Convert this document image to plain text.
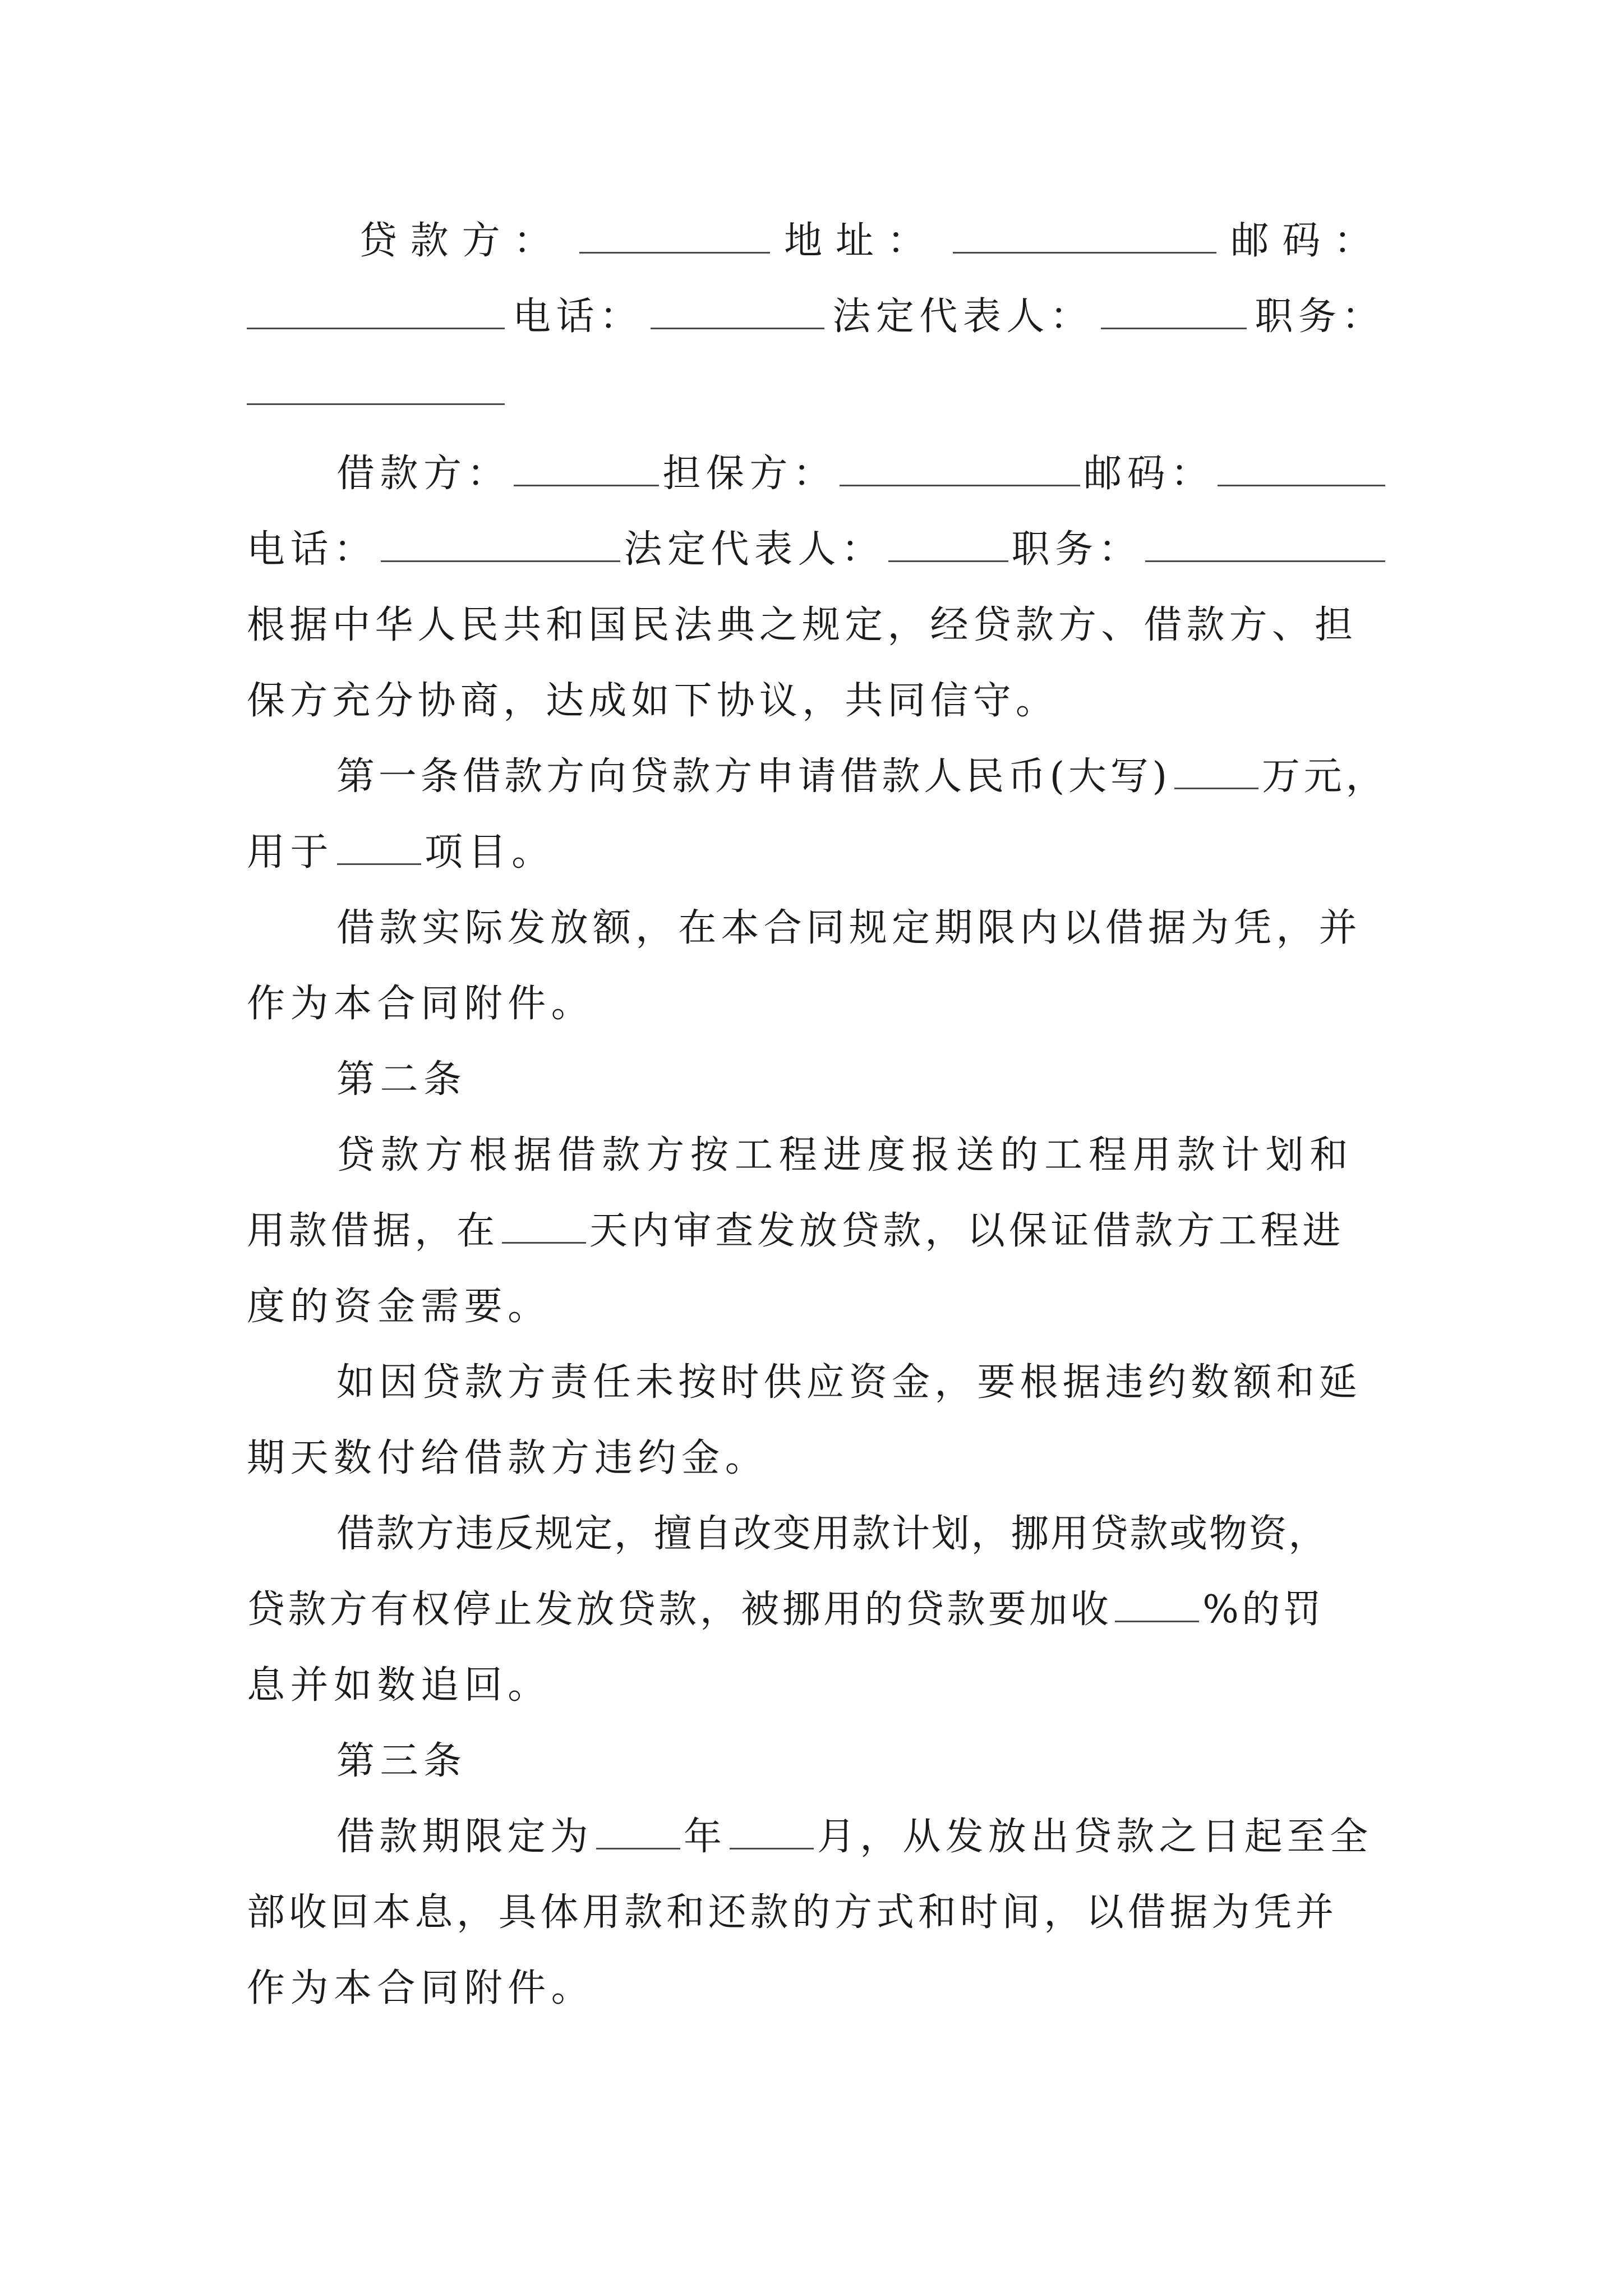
贷款方：	地址：	邮码：
电话：	法定代表人：	职务：
借款方：	担保方：	邮码：
电话：	法定代表人：	职务：
根据中华人民共和国民法典之规定，经贷款方、借款方、担
保方充分协商，达成如下协议，共同信守。
第一条借款方向贷款方申请借款人民币(大写) 万元，
用于 项目。
借款实际发放额，在本合同规定期限内以借据为凭，并
作为本合同附件。
第二条
贷款方根据借款方按工程进度报送的工程用款计划和
用款借据，在 天内审查发放贷款，以保证借款方工程进
度的资金需要。
如因贷款方责任未按时供应资金，要根据违约数额和延
期天数付给借款方违约金。
借款方违反规定，擅自改变用款计划，挪用贷款或物资，
贷款方有权停止发放贷款，被挪用的贷款要加收 %的罚
息并如数追回。
第三条
借款期限定为 年 月，从发放出贷款之日起至全
部收回本息，具体用款和还款的方式和时间，以借据为凭并
作为本合同附件。
